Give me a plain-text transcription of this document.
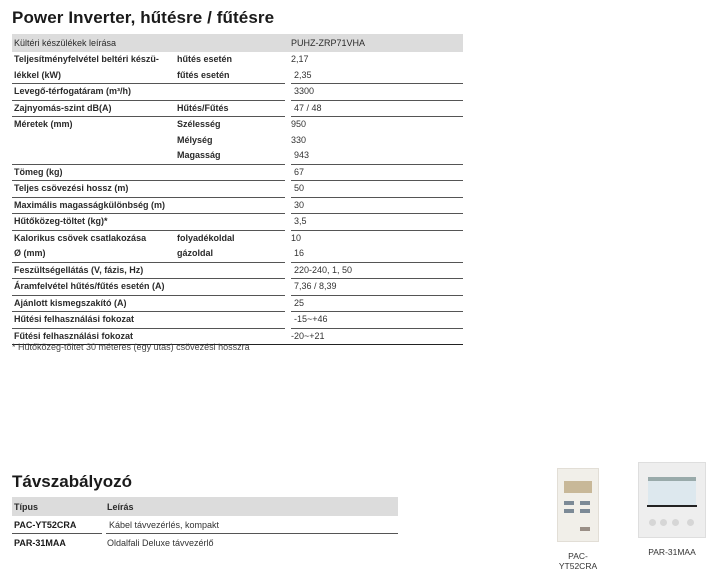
Power Inverter, hűtésre / fűtésre
Kültéri készülékek leírása		PUHZ-ZRP71VHA
Teljesítményfelvétel beltéri készü-	hűtés esetén	2,17
lékkel (kW)	fűtés esetén	2,35
Levegő-térfogatáram (m³/h)		3300
Zajnyomás-szint dB(A)	Hűtés/Fűtés	47 / 48
Méretek (mm)	Szélesség	950
	Mélység	330
	Magasság	943
Tömeg (kg)		67
Teljes csövezési hossz (m)		50
Maximális magasságkülönbség (m)		30
Hűtőközeg-töltet (kg)*		3,5
Kalorikus csövek csatlakozása	folyadékoldal	10
Ø (mm)	gázoldal	16
Feszültségellátás (V, fázis, Hz)		220-240, 1, 50
Áramfelvétel hűtés/fűtés esetén (A)		7,36 / 8,39
Ajánlott kismegszakító (A)		25
Hűtési felhasználási fokozat		-15~+46
Fűtési felhasználási fokozat		-20~+21
* Hűtőközeg-töltet 30 méteres (egy utas) csövezési hosszra
Távszabályozó
Típus	Leírás
PAC-YT52CRA	Kábel távvezérlés, kompakt
PAR-31MAA	Oldalfali Deluxe távvezérlő
PAC-YT52CRA
PAR-31MAA
